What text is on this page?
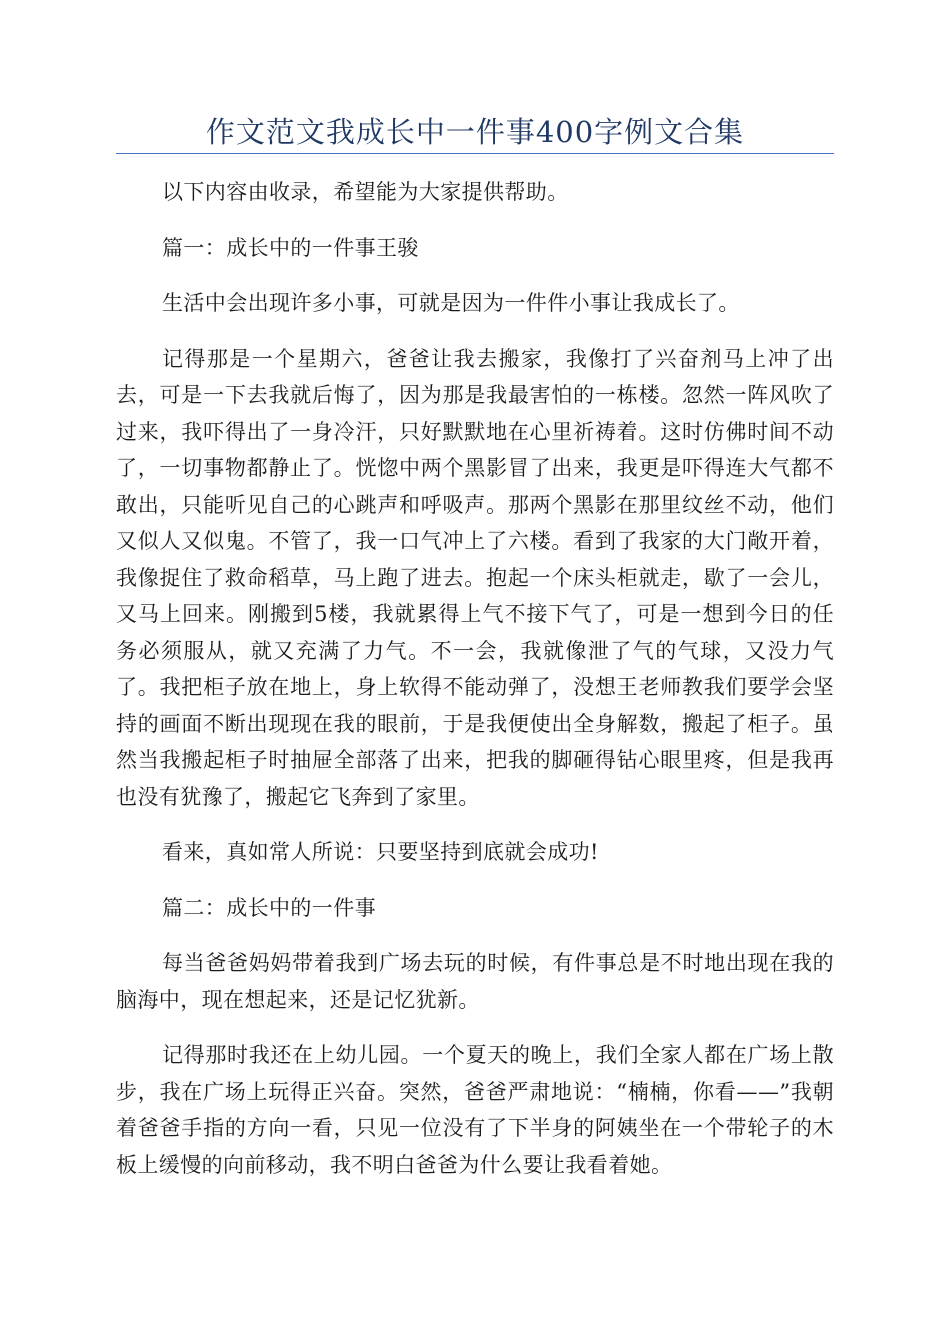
作文范文我成长中一件事400字例文合集

以下内容由收录，希望能为大家提供帮助。

篇一：成长中的一件事王骏

生活中会出现许多小事，可就是因为一件件小事让我成长了。

记得那是一个星期六，爸爸让我去搬家，我像打了兴奋剂马上冲了出去，可是一下去我就后悔了，因为那是我最害怕的一栋楼。忽然一阵风吹了过来，我吓得出了一身冷汗，只好默默地在心里祈祷着。这时仿佛时间不动了，一切事物都静止了。恍惚中两个黑影冒了出来，我更是吓得连大气都不敢出，只能听见自己的心跳声和呼吸声。那两个黑影在那里纹丝不动，他们又似人又似鬼。不管了，我一口气冲上了六楼。看到了我家的大门敞开着，我像捉住了救命稻草，马上跑了进去。抱起一个床头柜就走，歇了一会儿，又马上回来。刚搬到5楼，我就累得上气不接下气了，可是一想到今日的任务必须服从，就又充满了力气。不一会，我就像泄了气的气球，又没力气了。我把柜子放在地上，身上软得不能动弹了，没想王老师教我们要学会坚持的画面不断出现现在我的眼前，于是我便使出全身解数，搬起了柜子。虽然当我搬起柜子时抽屉全部落了出来，把我的脚砸得钻心眼里疼，但是我再也没有犹豫了，搬起它飞奔到了家里。

看来，真如常人所说：只要坚持到底就会成功!

篇二：成长中的一件事

每当爸爸妈妈带着我到广场去玩的时候，有件事总是不时地出现在我的脑海中，现在想起来，还是记忆犹新。

记得那时我还在上幼儿园。一个夏天的晚上，我们全家人都在广场上散步，我在广场上玩得正兴奋。突然，爸爸严肃地说：“楠楠，你看——”我朝着爸爸手指的方向一看，只见一位没有了下半身的阿姨坐在一个带轮子的木板上缓慢的向前移动，我不明白爸爸为什么要让我看着她。
